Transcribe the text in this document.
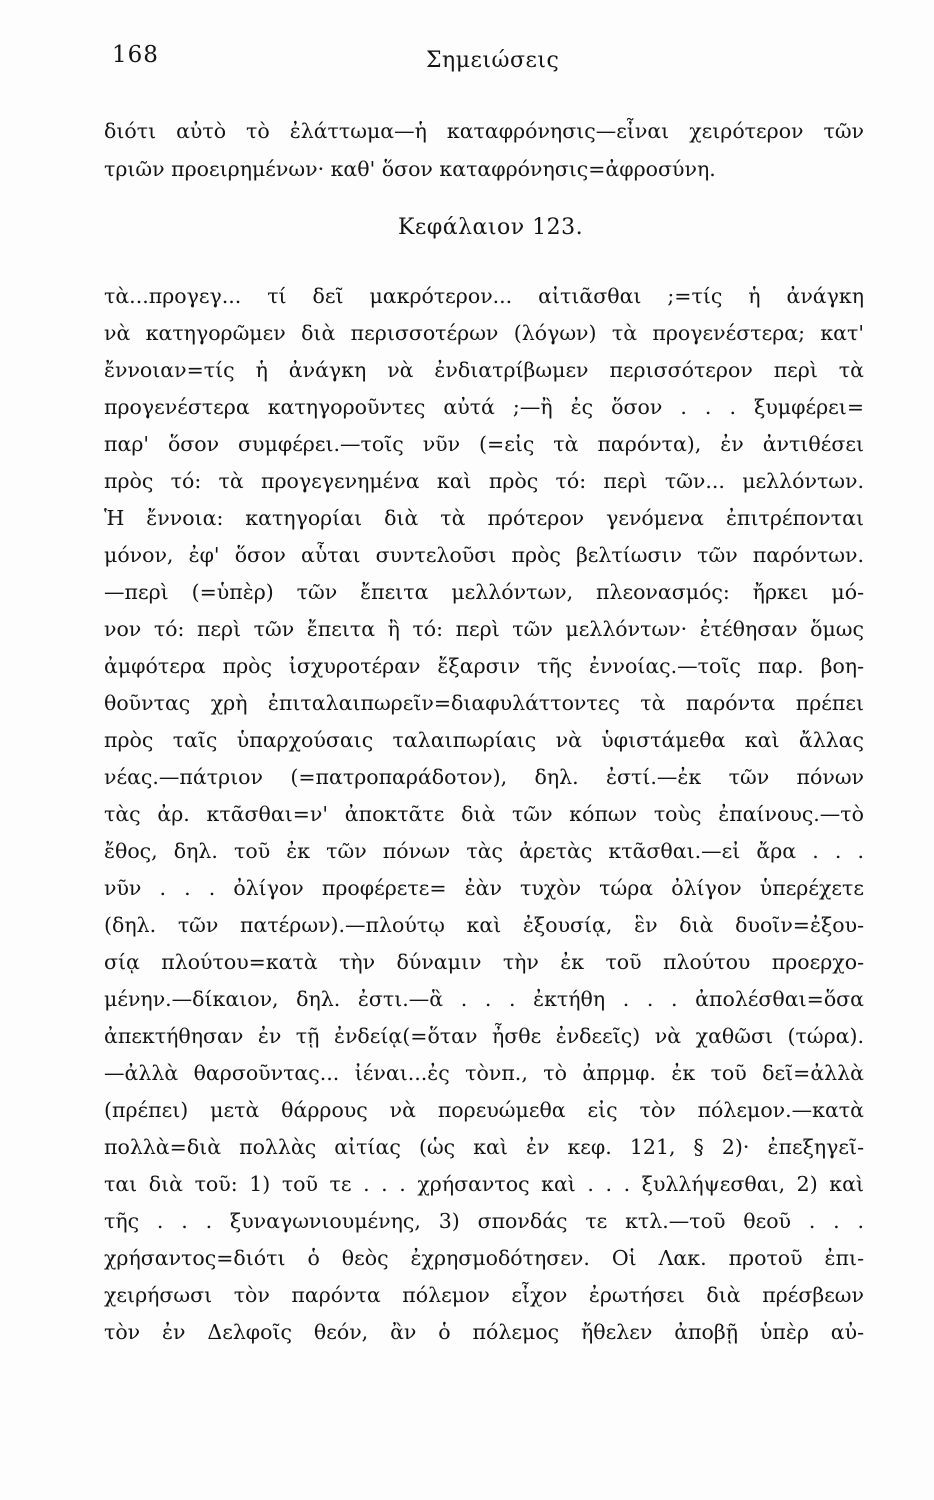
168	Σημειώσεις
διότι αὐτὸ τὸ ἐλάττωμα—ἡ καταφρόνησις—εἶναι χειρότερον τῶν
τριῶν προειρημένων· καθ' ὅσον καταφρόνησις=ἀφροσύνη.
Κεφάλαιον 123.
τὰ...προγεγ... τί δεῖ μακρότερον... αἰτιᾶσθαι ;=τίς ἡ ἀνάγκη
νὰ κατηγορῶμεν διὰ περισσοτέρων (λόγων) τὰ προγενέστερα; κατ'
ἔννοιαν=τίς ἡ ἀνάγκη νὰ ἐνδιατρίβωμεν περισσότερον περὶ τὰ
προγενέστερα κατηγοροῦντες αὐτά ;—ἢ ἐς ὅσον . . . ξυμφέρει=
παρ' ὅσον συμφέρει.—τοῖς νῦν (=εἰς τὰ παρόντα), ἐν ἀντιθέσει
πρὸς τό: τὰ προγεγενημένα καὶ πρὸς τό: περὶ τῶν... μελλόντων.
Ἡ ἔννοια: κατηγορίαι διὰ τὰ πρότερον γενόμενα ἐπιτρέπονται
μόνον, ἐφ' ὅσον αὗται συντελοῦσι πρὸς βελτίωσιν τῶν παρόντων.
—περὶ (=ὑπὲρ) τῶν ἔπειτα μελλόντων, πλεονασμός: ἤρκει μό-
νον τό: περὶ τῶν ἔπειτα ἢ τό: περὶ τῶν μελλόντων· ἐτέθησαν ὅμως
ἀμφότερα πρὸς ἰσχυροτέραν ἔξαρσιν τῆς ἐννοίας.—τοῖς παρ. βοη-
θοῦντας χρὴ ἐπιταλαιπωρεῖν=διαφυλάττοντες τὰ παρόντα πρέπει
πρὸς ταῖς ὑπαρχούσαις ταλαιπωρίαις νὰ ὑφιστάμεθα καὶ ἄλλας
νέας.—πάτριον (=πατροπαράδοτον), δηλ. ἐστί.—ἐκ τῶν πόνων
τὰς ἀρ. κτᾶσθαι=ν' ἀποκτᾶτε διὰ τῶν κόπων τοὺς ἐπαίνους.—τὸ
ἔθος, δηλ. τοῦ ἐκ τῶν πόνων τὰς ἀρετὰς κτᾶσθαι.—εἰ ἄρα . . .
νῦν . . . ὀλίγον προφέρετε= ἐὰν τυχὸν τώρα ὀλίγον ὑπερέχετε
(δηλ. τῶν πατέρων).—πλούτῳ καὶ ἐξουσίᾳ, ἓν διὰ δυοῖν=ἐξου-
σίᾳ πλούτου=κατὰ τὴν δύναμιν τὴν ἐκ τοῦ πλούτου προερχο-
μένην.—δίκαιον, δηλ. ἐστι.—ἃ . . . ἐκτήθη . . . ἀπολέσθαι=ὅσα
ἀπεκτήθησαν ἐν τῇ ἐνδείᾳ(=ὅταν ἦσθε ἐνδεεῖς) νὰ χαθῶσι (τώρα).
—ἀλλὰ θαρσοῦντας... ἰέναι...ἐς τὸνπ., τὸ ἀπρμφ. ἐκ τοῦ δεῖ=ἀλλὰ
(πρέπει) μετὰ θάρρους νὰ πορευώμεθα εἰς τὸν πόλεμον.—κατὰ
πολλὰ=διὰ πολλὰς αἰτίας (ὡς καὶ ἐν κεφ. 121, § 2)· ἐπεξηγεῖ-
ται διὰ τοῦ: 1) τοῦ τε . . . χρήσαντος καὶ . . . ξυλλήψεσθαι, 2) καὶ
τῆς . . . ξυναγωνιουμένης, 3) σπονδάς τε κτλ.—τοῦ θεοῦ . . .
χρήσαντος=διότι ὁ θεὸς ἐχρησμοδότησεν. Οἱ Λακ. προτοῦ ἐπι-
χειρήσωσι τὸν παρόντα πόλεμον εἶχον ἐρωτήσει διὰ πρέσβεων
τὸν ἐν Δελφοῖς θεόν, ἂν ὁ πόλεμος ἤθελεν ἀποβῇ ὑπὲρ αὐ-
